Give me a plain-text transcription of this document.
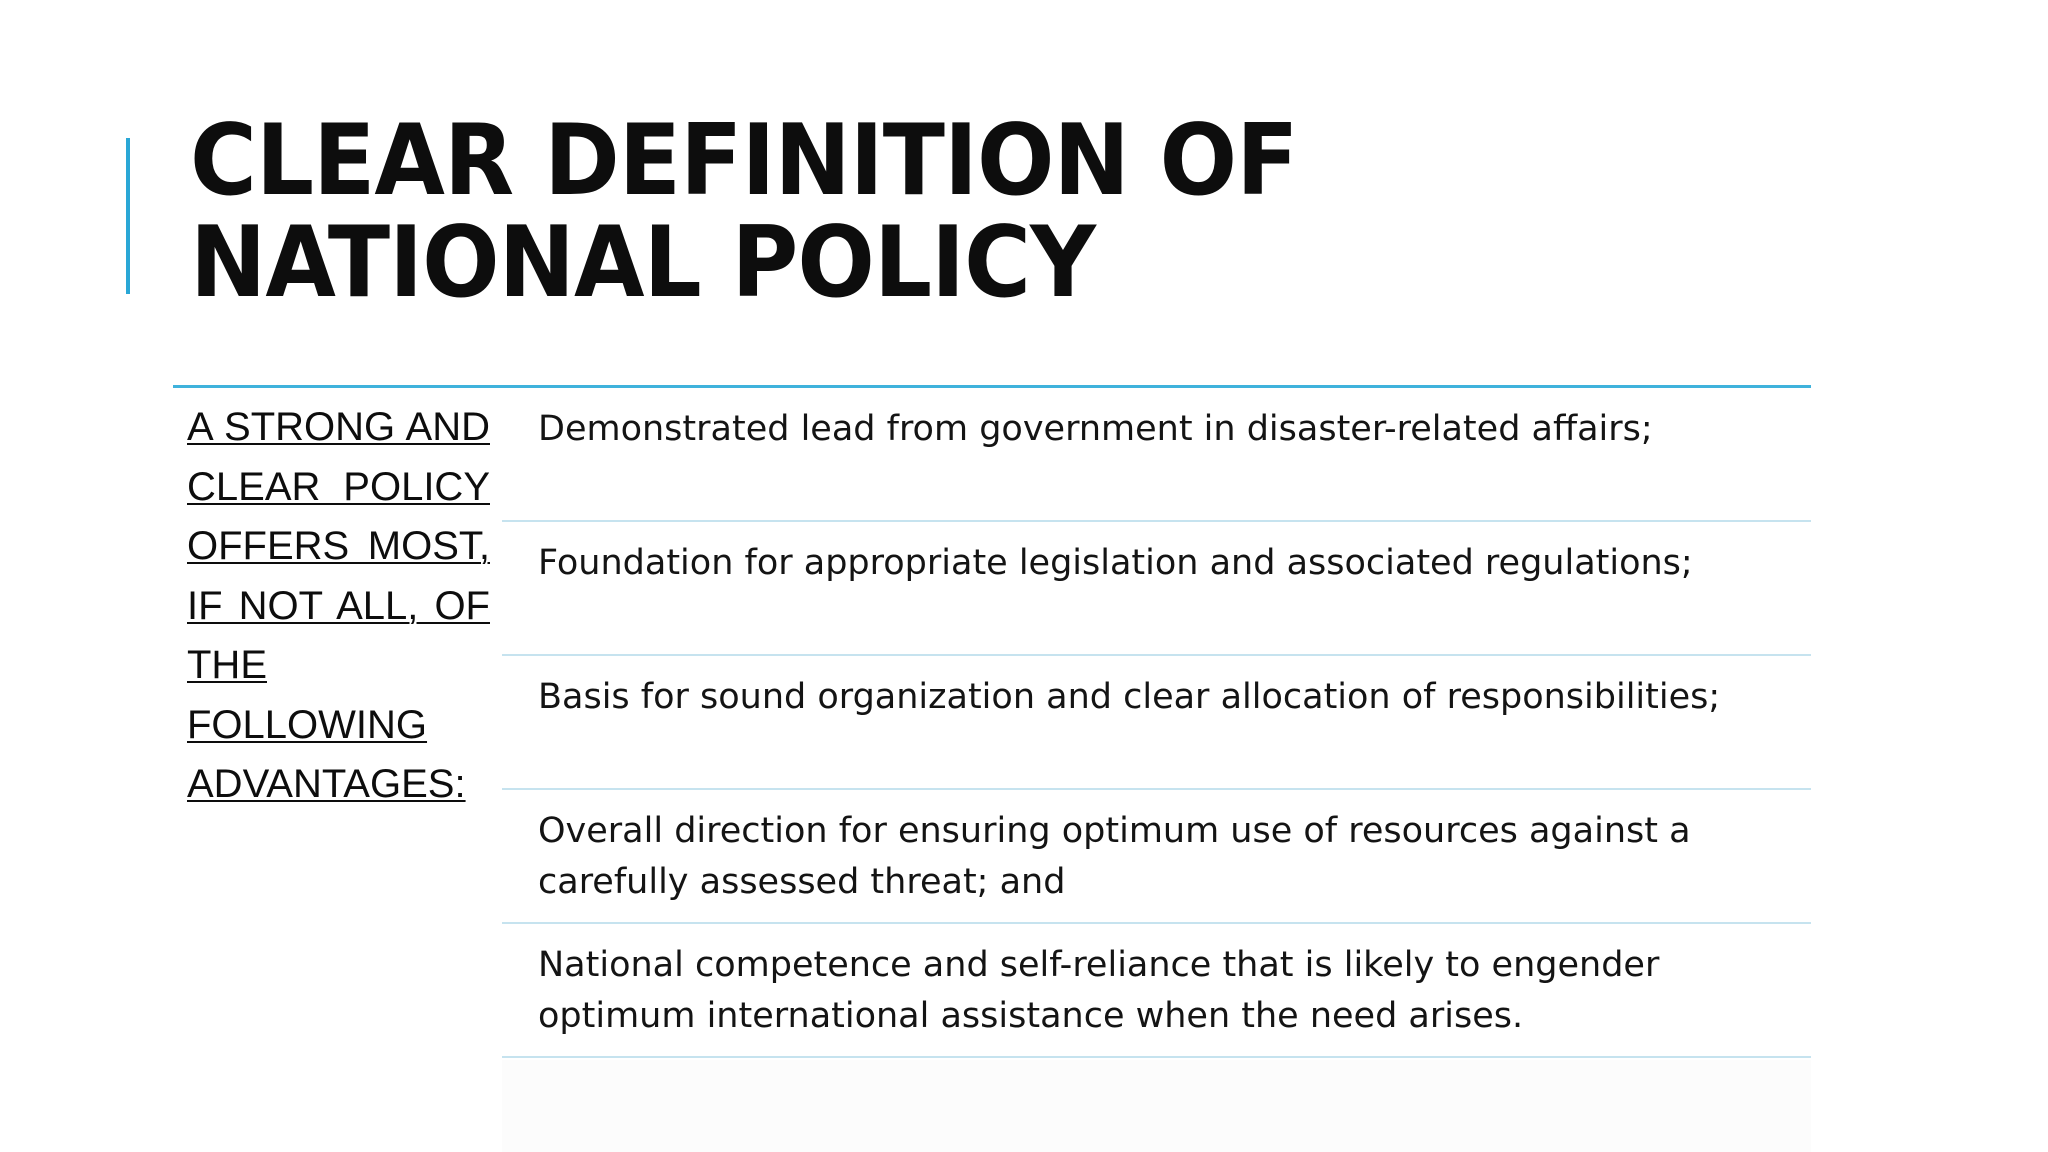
CLEAR DEFINITION OF NATIONAL POLICY
A STRONG AND CLEAR POLICY OFFERS MOST, IF NOT ALL, OF THE FOLLOWING ADVANTAGES:
Demonstrated lead from government in disaster-related affairs;
Foundation for appropriate legislation and associated regulations;
Basis for sound organization and clear allocation of responsibilities;
Overall direction for ensuring optimum use of resources against a carefully assessed threat; and
National competence and self-reliance that is likely to engender optimum international assistance when the need arises.
